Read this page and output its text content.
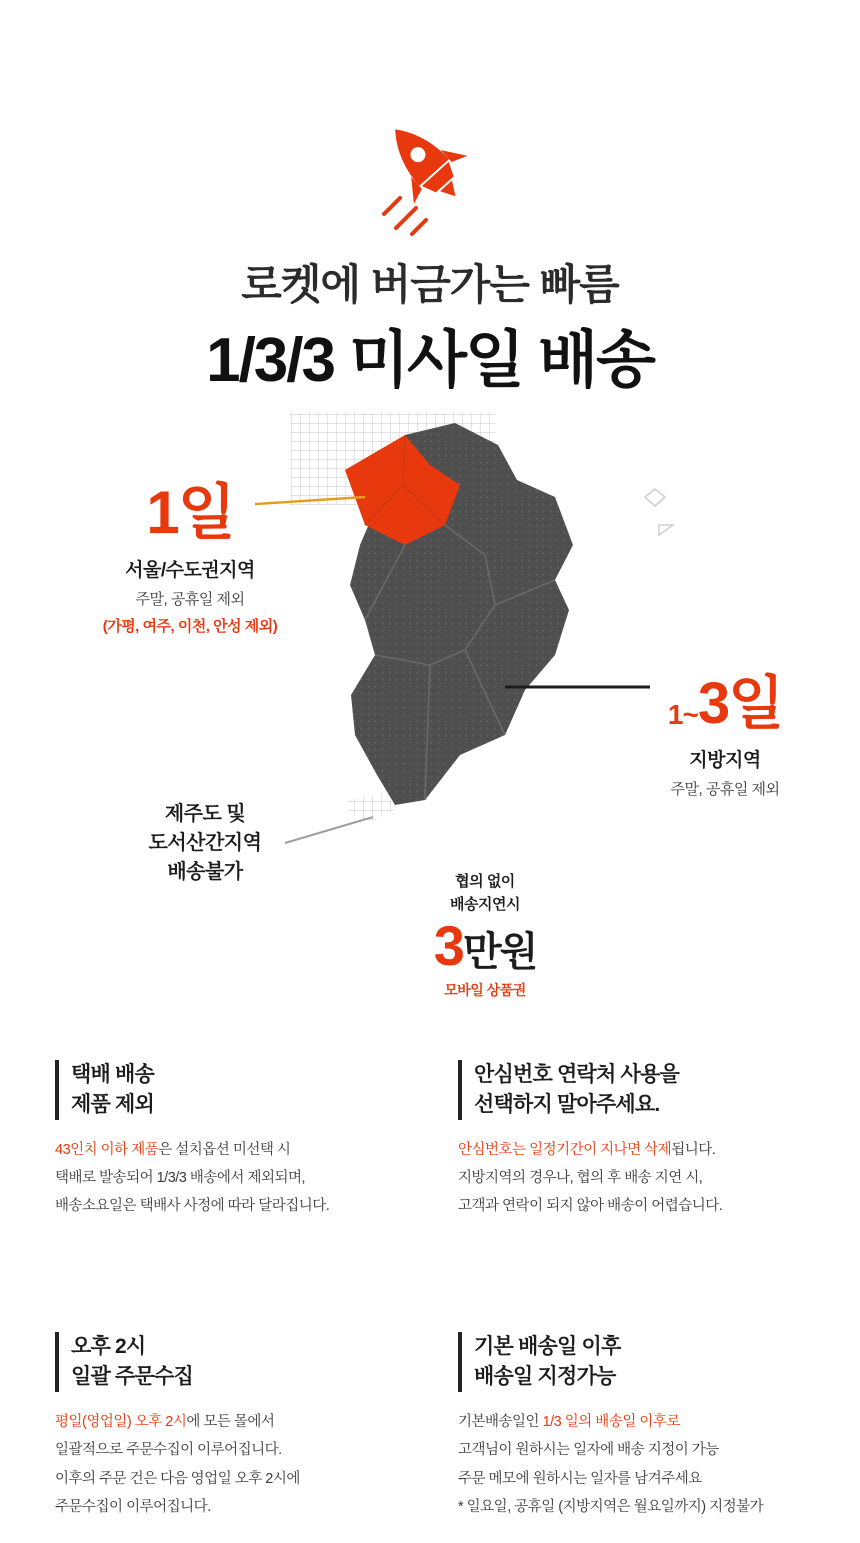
로켓에 버금가는 빠름
1/3/3 미사일 배송
1일
서울/수도권지역
주말, 공휴일 제외
(가평, 여주, 이천, 안성 제외)
1~ 3일
지방지역
주말, 공휴일 제외
제주도 및
도서산간지역
배송불가	협의 없이
배송지연시
3만원
모바일 상품권
택배 배송
제품 제외
43인치 이하 제품은 설치옵션 미선택 시
택배로 발송되어 1/3/3 배송에서 제외되며,
배송소요일은 택배사 사정에 따라 달라집니다.
안심번호 연락처 사용을
선택하지 말아주세요.
안심번호는 일정기간이 지나면 삭제됩니다.
지방지역의 경우나, 협의 후 배송 지연 시,
고객과 연락이 되지 않아 배송이 어렵습니다.
오후 2시
일괄 주문수집
평일(영업일) 오후 2시에 모든 몰에서
일괄적으로 주문수집이 이루어집니다.
이후의 주문 건은 다음 영업일 오후 2시에
주문수집이 이루어집니다.
기본 배송일 이후
배송일 지정가능
기본배송일인 1/3 일의 배송일 이후로
고객님이 원하시는 일자에 배송 지정이 가능
주문 메모에 원하시는 일자를 남겨주세요
* 일요일, 공휴일 (지방지역은 월요일까지) 지정불가
